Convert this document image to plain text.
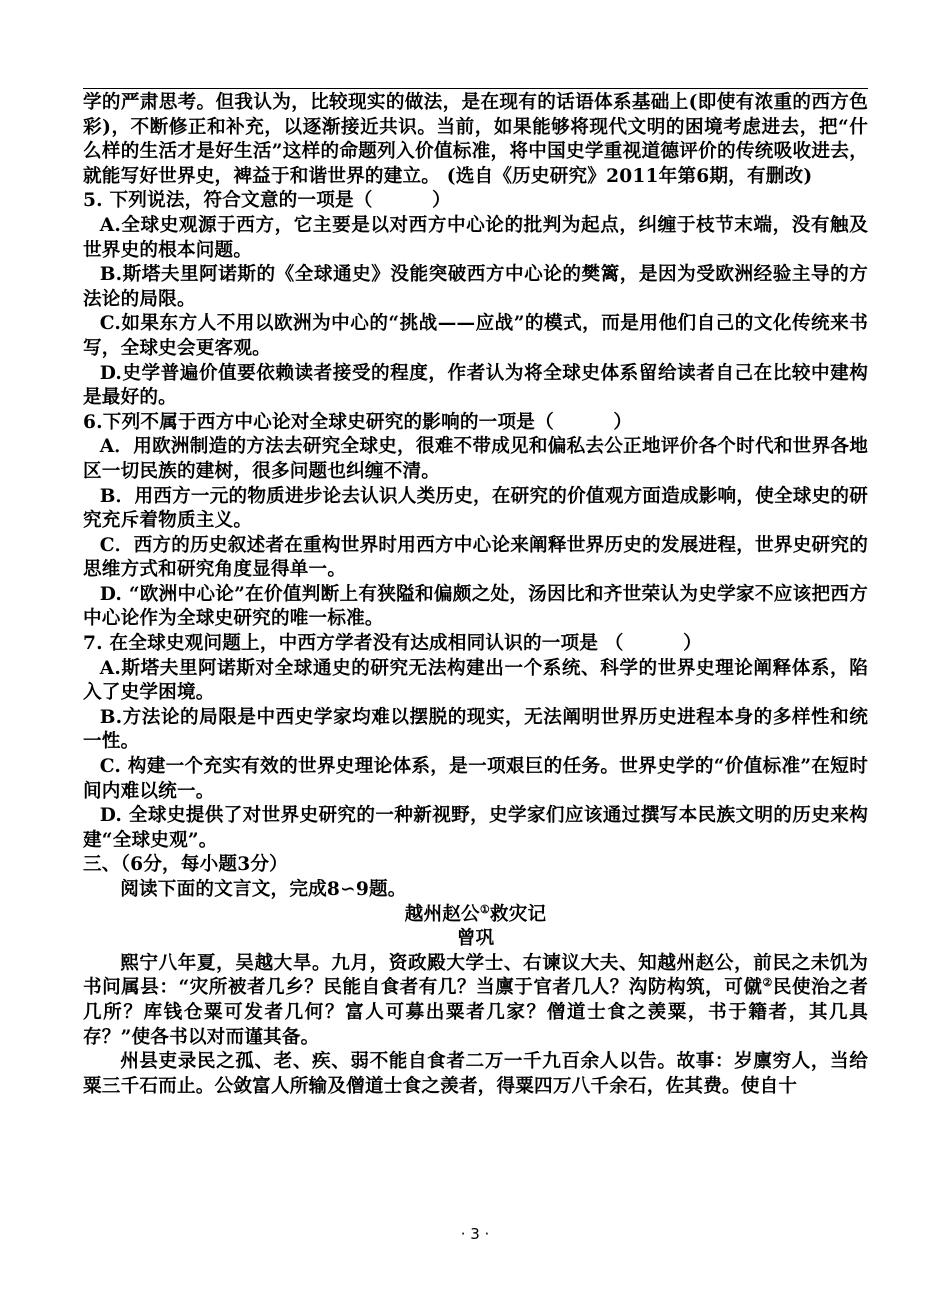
学的严肃思考。但我认为，比较现实的做法，是在现有的话语体系基础上(即使有浓重的西方色彩)，不断修正和补充，以逐渐接近共识。当前，如果能够将现代文明的困境考虑进去，把“什么样的生活才是好生活”这样的命题列入价值标准，将中国史学重视道德评价的传统吸收进去，就能写好世界史，裨益于和谐世界的建立。 (选自《历史研究》2011年第6期，有删改)

5. 下列说法，符合文意的一项是（	）

A.全球史观源于西方，它主要是以对西方中心论的批判为起点，纠缠于枝节末端，没有触及世界史的根本问题。

B.斯塔夫里阿诺斯的《全球通史》没能突破西方中心论的樊篱，是因为受欧洲经验主导的方法论的局限。

C.如果东方人不用以欧洲为中心的“挑战——应战”的模式，而是用他们自己的文化传统来书写，全球史会更客观。

D.史学普遍价值要依赖读者接受的程度，作者认为将全球史体系留给读者自己在比较中建构是最好的。

6.下列不属于西方中心论对全球史研究的影响的一项是（	）

A．用欧洲制造的方法去研究全球史，很难不带成见和偏私去公正地评价各个时代和世界各地区一切民族的建树，很多问题也纠缠不清。

B．用西方一元的物质进步论去认识人类历史，在研究的价值观方面造成影响，使全球史的研究充斥着物质主义。

C．西方的历史叙述者在重构世界时用西方中心论来阐释世界历史的发展进程，世界史研究的思维方式和研究角度显得单一。

D. “欧洲中心论”在价值判断上有狭隘和偏颇之处，汤因比和齐世荣认为史学家不应该把西方中心论作为全球史研究的唯一标准。

7. 在全球史观问题上，中西方学者没有达成相同认识的一项是 （	）

A.斯塔夫里阿诺斯对全球通史的研究无法构建出一个系统、科学的世界史理论阐释体系，陷入了史学困境。

B.方法论的局限是中西史学家均难以摆脱的现实，无法阐明世界历史进程本身的多样性和统一性。

C. 构建一个充实有效的世界史理论体系，是一项艰巨的任务。世界史学的“价值标准”在短时间内难以统一。

D. 全球史提供了对世界史研究的一种新视野，史学家们应该通过撰写本民族文明的历史来构建“全球史观”。

三、（6分，每小题3分）

阅读下面的文言文，完成8∽9题。

越州赵公①救灾记

曾巩

熙宁八年夏，吴越大旱。九月，资政殿大学士、右谏议大夫、知越州赵公，前民之未饥为书问属县：“灾所被者几乡？民能自食者有几？当廪于官者几人？沟防构筑，可僦②民使治之者几所？库钱仓粟可发者几何？富人可募出粟者几家？僧道士食之羡粟，书于籍者，其几具存？”使各书以对而谨其备。

州县吏录民之孤、老、疾、弱不能自食者二万一千九百余人以告。故事：岁廪穷人，当给粟三千石而止。公敛富人所输及僧道士食之羡者，得粟四万八千余石，佐其费。使自十

· 3 ·
